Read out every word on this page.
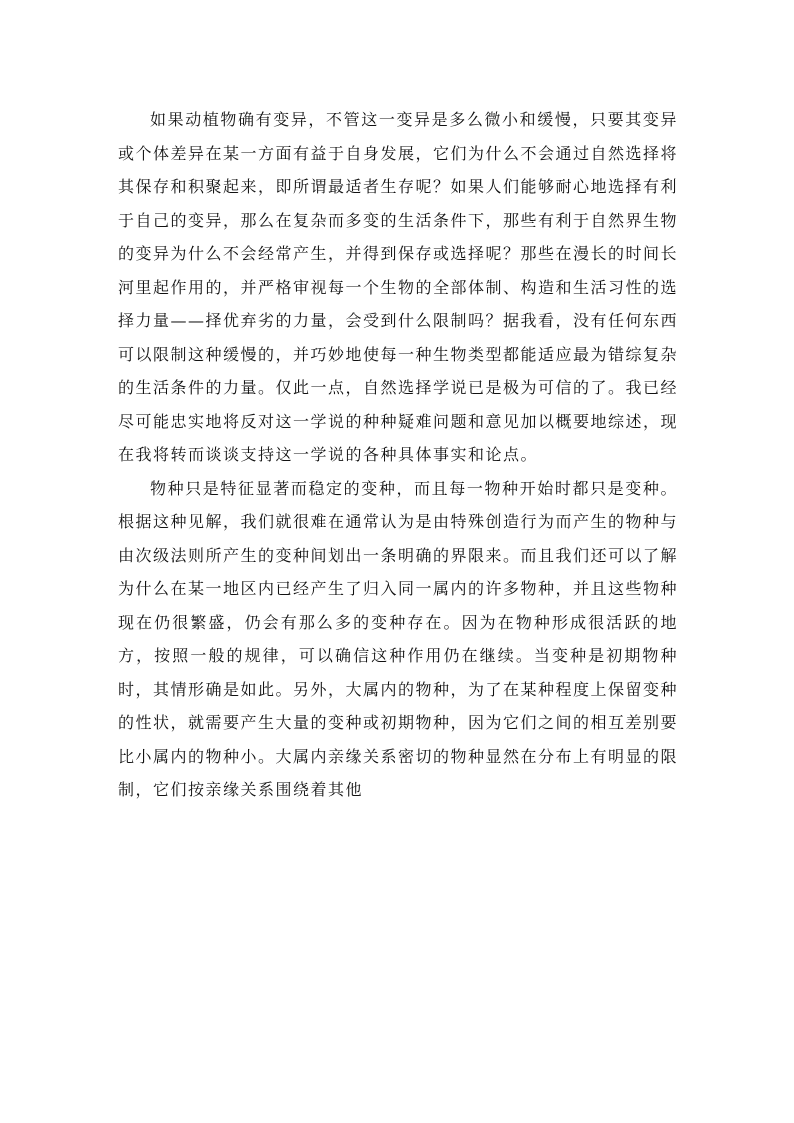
如果动植物确有变异，不管这一变异是多么微小和缓慢，只要其变异或个体差异在某一方面有益于自身发展，它们为什么不会通过自然选择将其保存和积聚起来，即所谓最适者生存呢？如果人们能够耐心地选择有利于自己的变异，那么在复杂而多变的生活条件下，那些有利于自然界生物的变异为什么不会经常产生，并得到保存或选择呢？那些在漫长的时间长河里起作用的，并严格审视每一个生物的全部体制、构造和生活习性的选择力量——择优弃劣的力量，会受到什么限制吗？据我看，没有任何东西可以限制这种缓慢的，并巧妙地使每一种生物类型都能适应最为错综复杂的生活条件的力量。仅此一点，自然选择学说已是极为可信的了。我已经尽可能忠实地将反对这一学说的种种疑难问题和意见加以概要地综述，现在我将转而谈谈支持这一学说的各种具体事实和论点。

物种只是特征显著而稳定的变种，而且每一物种开始时都只是变种。根据这种见解，我们就很难在通常认为是由特殊创造行为而产生的物种与由次级法则所产生的变种间划出一条明确的界限来。而且我们还可以了解为什么在某一地区内已经产生了归入同一属内的许多物种，并且这些物种现在仍很繁盛，仍会有那么多的变种存在。因为在物种形成很活跃的地方，按照一般的规律，可以确信这种作用仍在继续。当变种是初期物种时，其情形确是如此。另外，大属内的物种，为了在某种程度上保留变种的性状，就需要产生大量的变种或初期物种，因为它们之间的相互差别要比小属内的物种小。大属内亲缘关系密切的物种显然在分布上有明显的限制，它们按亲缘关系围绕着其他
